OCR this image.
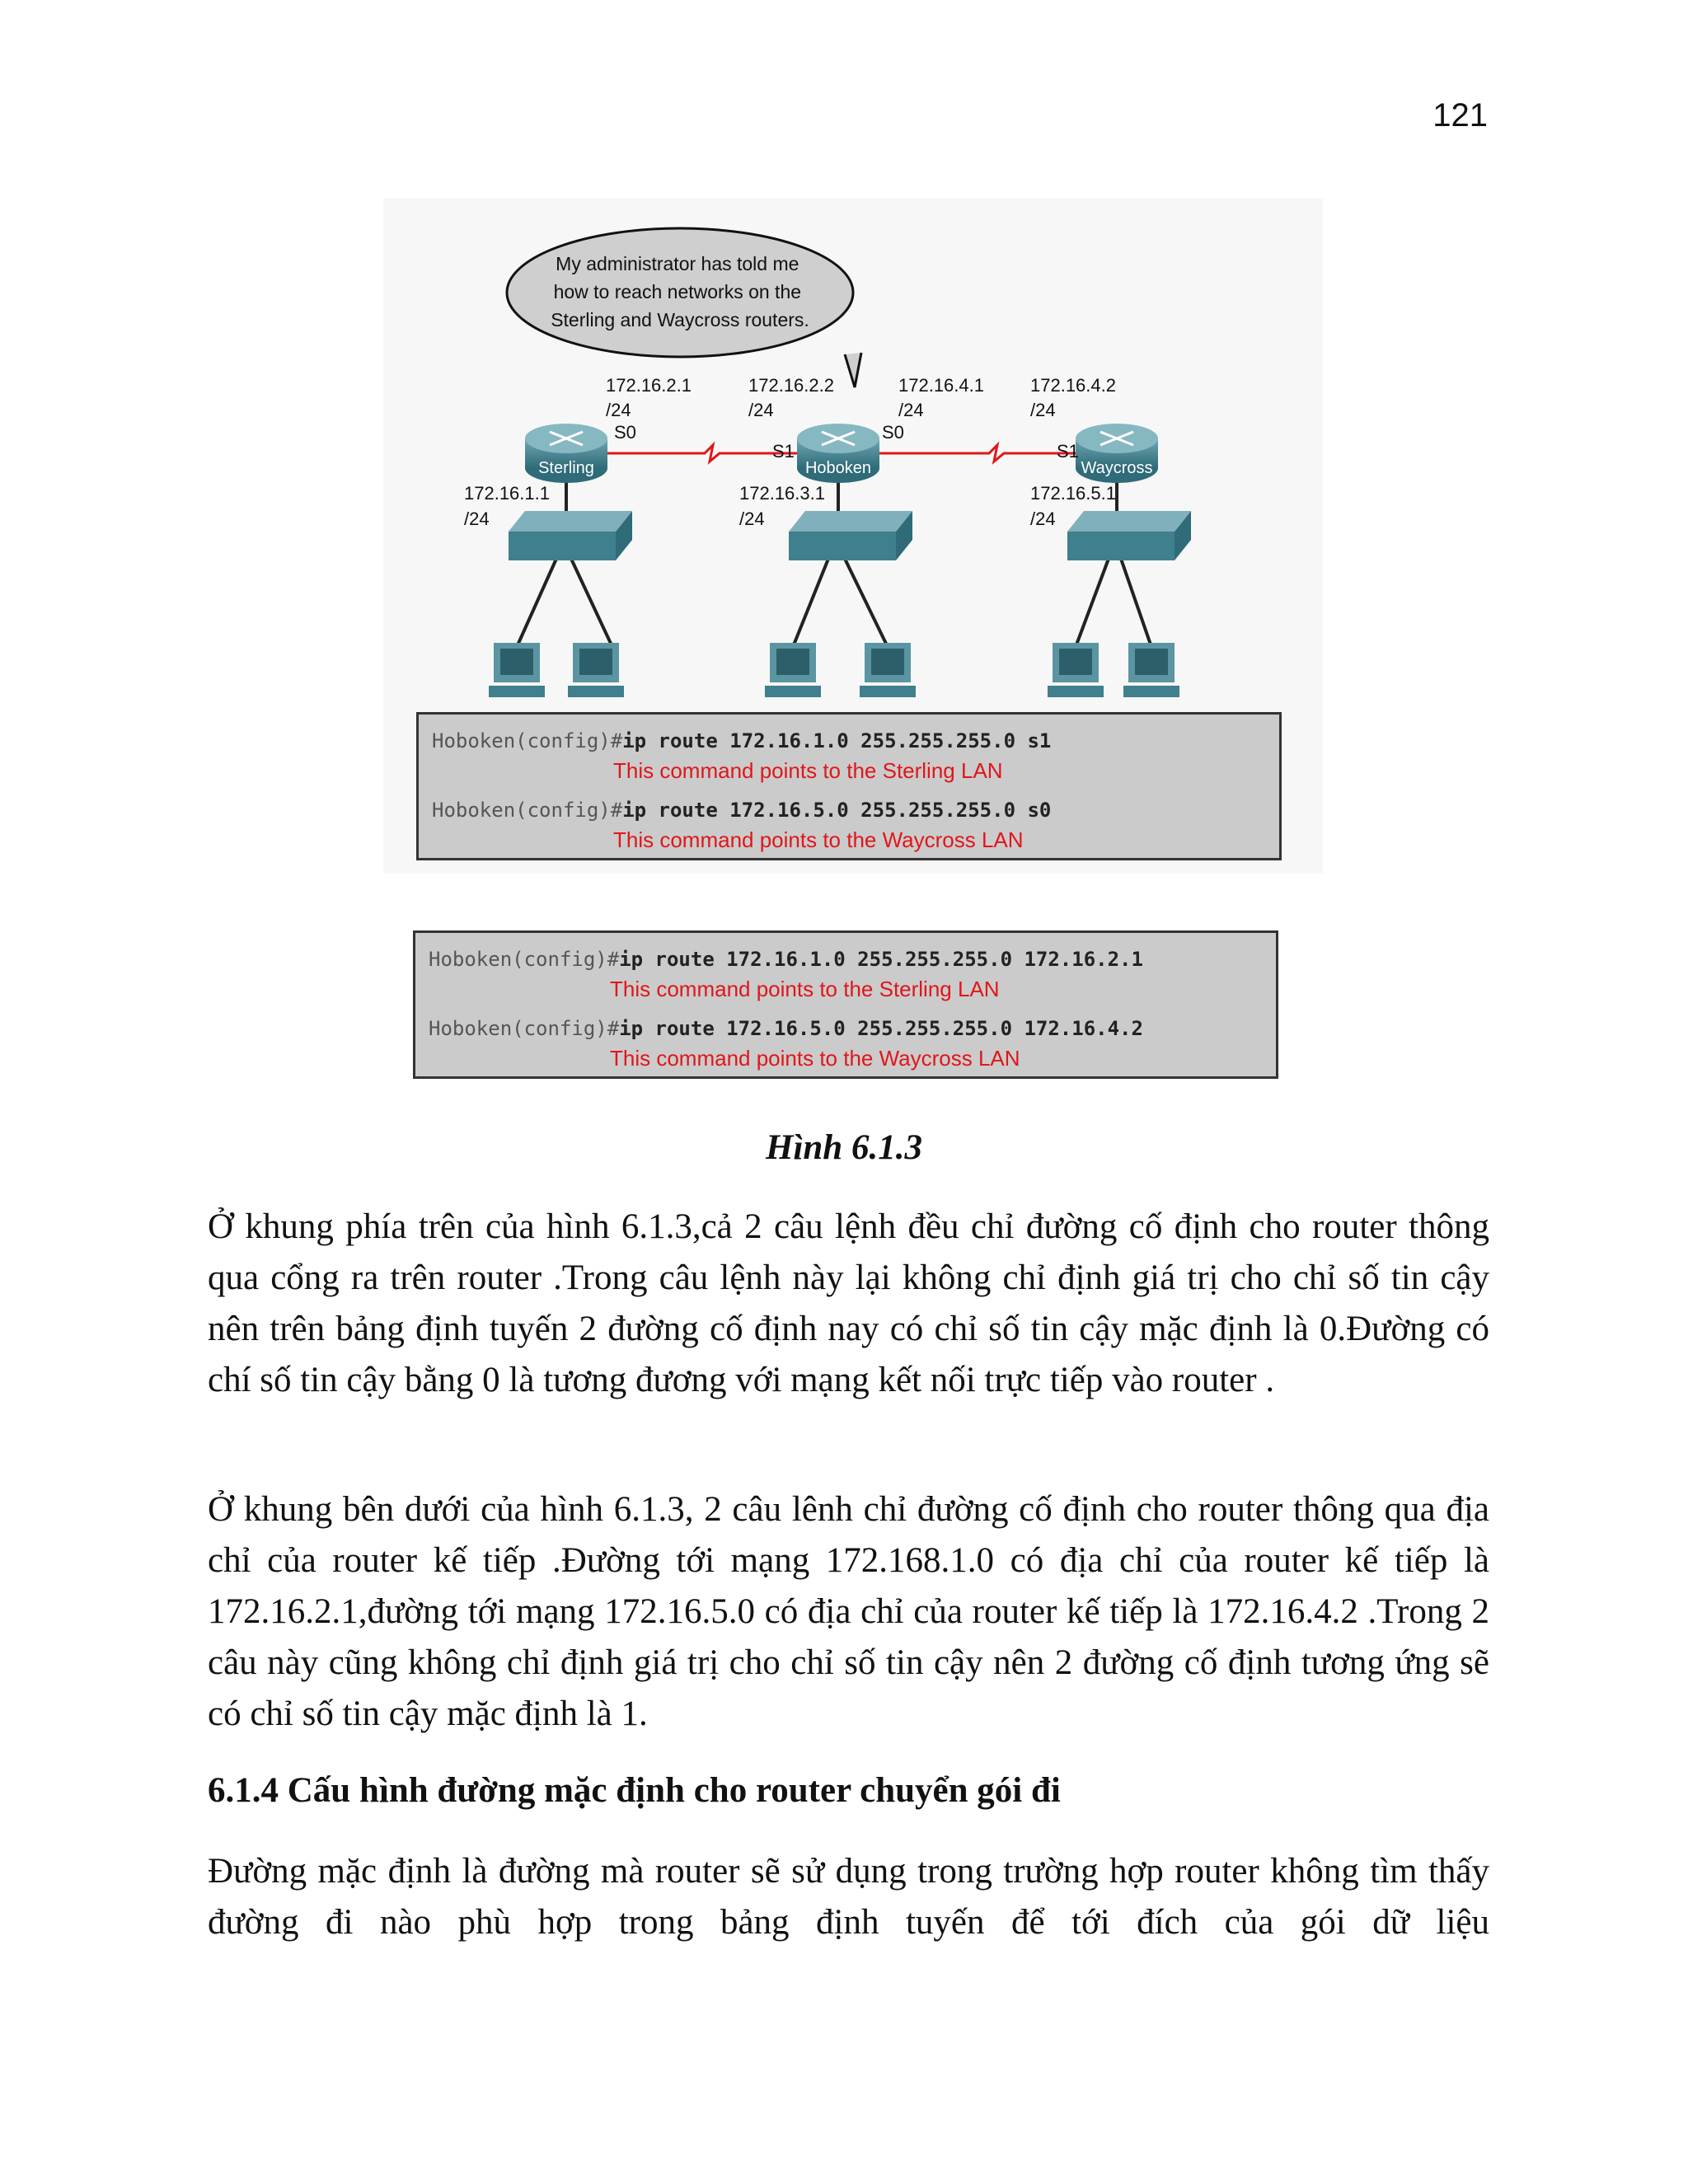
121
My administrator has told me how to reach networks on the Sterling and Waycross routers.
Sterling	Hoboken	Waycross
172.16.2.1
/24
S0
172.16.2.2
/24
S1
172.16.4.1
/24
S0
172.16.4.2
/24
S1
172.16.1.1
/24
172.16.3.1
/24
172.16.5.1
/24
Hoboken(config)#ip route 172.16.1.0 255.255.255.0 s1
This command points to the Sterling LAN
Hoboken(config)#ip route 172.16.5.0 255.255.255.0 s0
This command points to the Waycross LAN
Hoboken(config)#ip route 172.16.1.0 255.255.255.0 172.16.2.1
This command points to the Sterling LAN
Hoboken(config)#ip route 172.16.5.0 255.255.255.0 172.16.4.2
This command points to the Waycross LAN
Hình 6.1.3

Ở khung phía trên của hình 6.1.3,cả 2 câu lệnh đều chỉ đường cố định cho router thông qua cổng ra trên router .Trong câu lệnh này lại không chỉ định giá trị cho chỉ số tin cậy nên trên bảng định tuyến 2 đường cố định nay có chỉ số tin cậy mặc định là 0.Đường có chí số tin cậy bằng 0 là tương đương với mạng kết nối trực tiếp vào router .

Ở khung bên dưới của hình 6.1.3, 2 câu lênh chỉ đường cố định cho router thông qua địa chỉ của router kế tiếp .Đường tới mạng 172.168.1.0 có địa chỉ của router kế tiếp là 172.16.2.1,đường tới mạng 172.16.5.0 có địa chỉ của router kế tiếp là 172.16.4.2 .Trong 2 câu này cũng không chỉ định giá trị cho chỉ số tin cậy nên 2 đường cố định tương ứng sẽ có chỉ số tin cậy mặc định là 1.

6.1.4 Cấu hình đường mặc định cho router chuyển gói đi

Đường mặc định là đường mà router sẽ sử dụng trong trường hợp router không tìm thấy đường đi nào phù hợp trong bảng định tuyến để tới đích của gói dữ liệu
